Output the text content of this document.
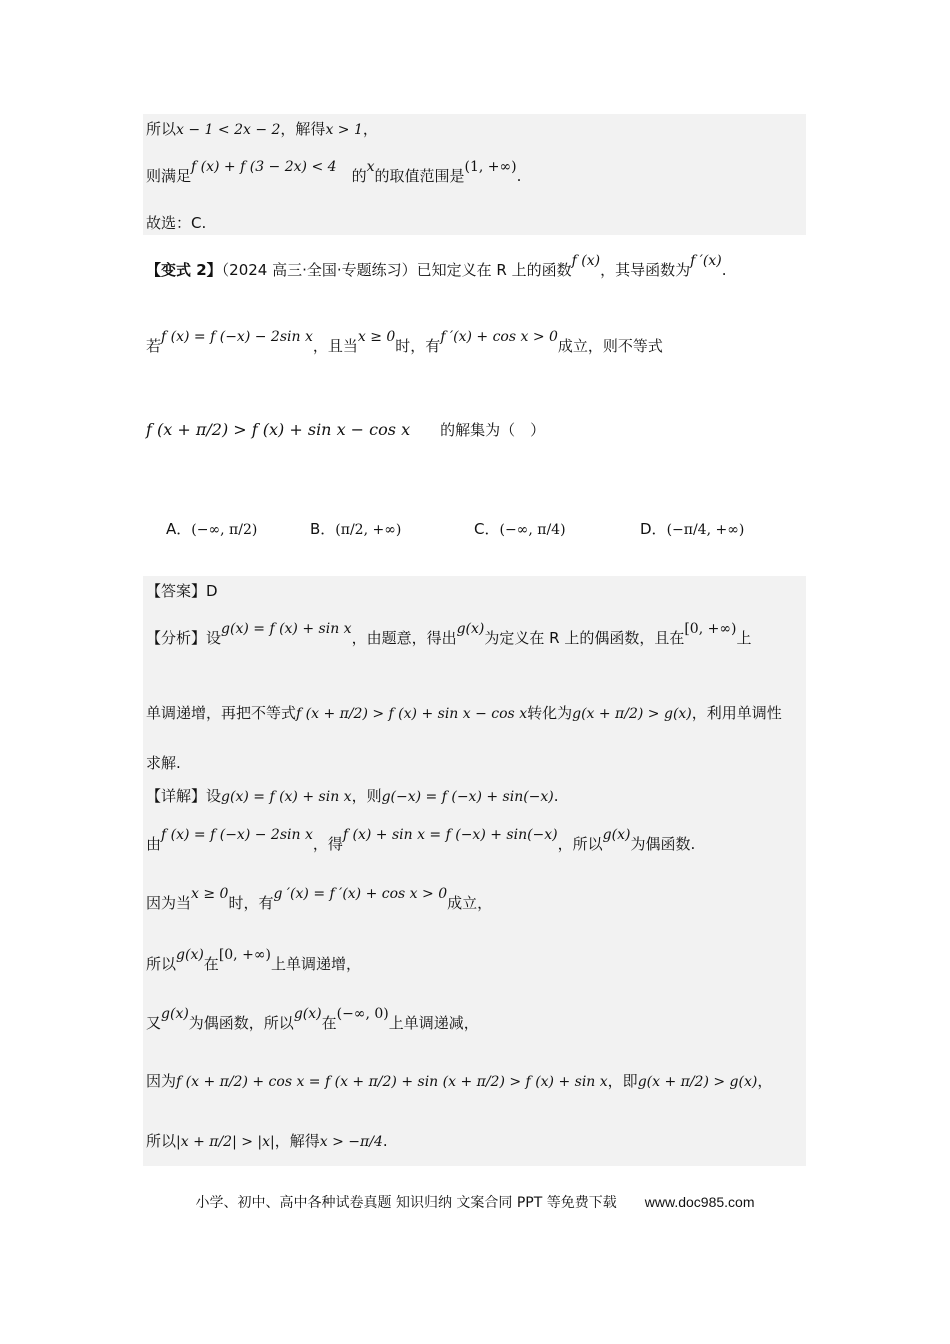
所以x − 1 < 2x − 2，解得x > 1，
则满足f (x) + f (3 − 2x) < 4　 的x的取值范围是(1, +∞).
故选：C.
【变式 2】（2024 高三·全国·专题练习）已知定义在 R 上的函数f (x)，其导函数为f ′(x).
若f (x) = f (−x) − 2sin x，且当x ≥ 0时，有f ′(x) + cos x > 0成立，则不等式
f (x + π/2) > f (x) + sin x − cos x　　 的解集为（　）
A．(−∞, π/2)	B．(π/2, +∞)	C．(−∞, π/4)	D．(−π/4, +∞)
【答案】D
【分析】设g(x) = f (x) + sin x，由题意，得出g(x)为定义在 R 上的偶函数，且在[0, +∞)上
单调递增，再把不等式f (x + π/2) > f (x) + sin x − cos x转化为g(x + π/2) > g(x)，利用单调性
求解.
【详解】设g(x) = f (x) + sin x，则g(−x) = f (−x) + sin(−x).
由f (x) = f (−x) − 2sin x，得f (x) + sin x = f (−x) + sin(−x)，所以g(x)为偶函数.
因为当x ≥ 0时，有g ′(x) = f ′(x) + cos x > 0成立，
所以g(x)在[0, +∞)上单调递增，
又g(x)为偶函数，所以g(x)在(−∞, 0)上单调递减，
因为f (x + π/2) + cos x = f (x + π/2) + sin (x + π/2) > f (x) + sin x，即g(x + π/2) > g(x)，
所以|x + π/2| > |x|，解得x > −π/4.
小学、初中、高中各种试卷真题 知识归纳 文案合同 PPT 等免费下载 www.doc985.com
